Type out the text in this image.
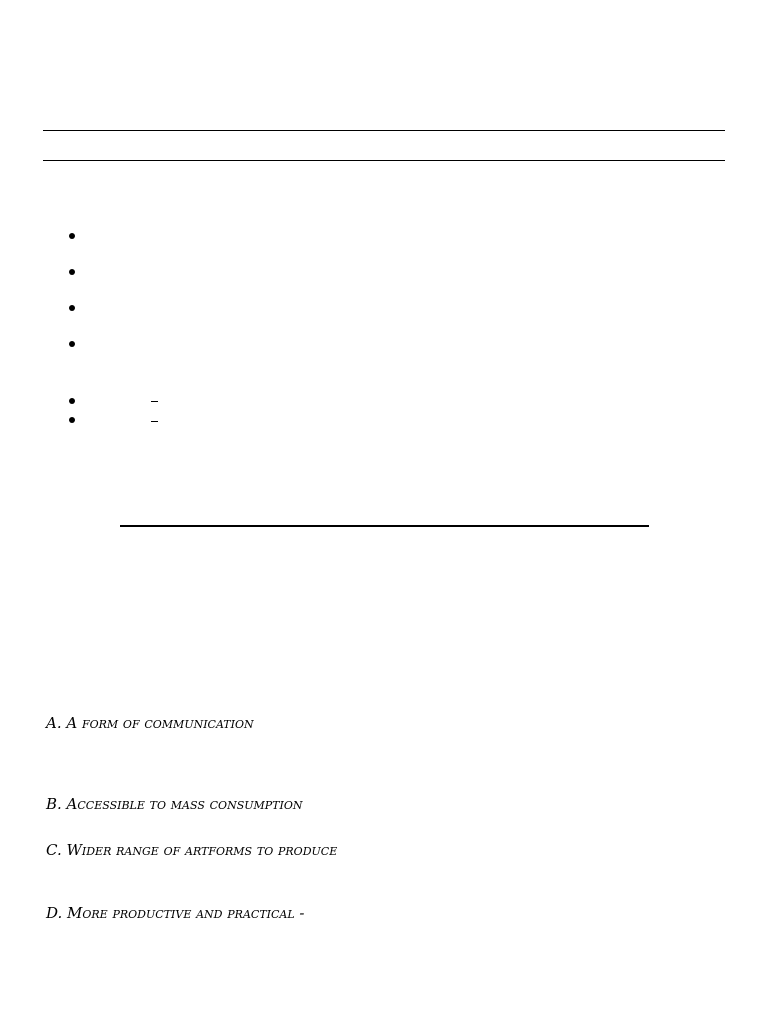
A. A form of communication

B. Accessible to mass consumption

C. Wider range of artforms to produce

D. More productive and practical -
